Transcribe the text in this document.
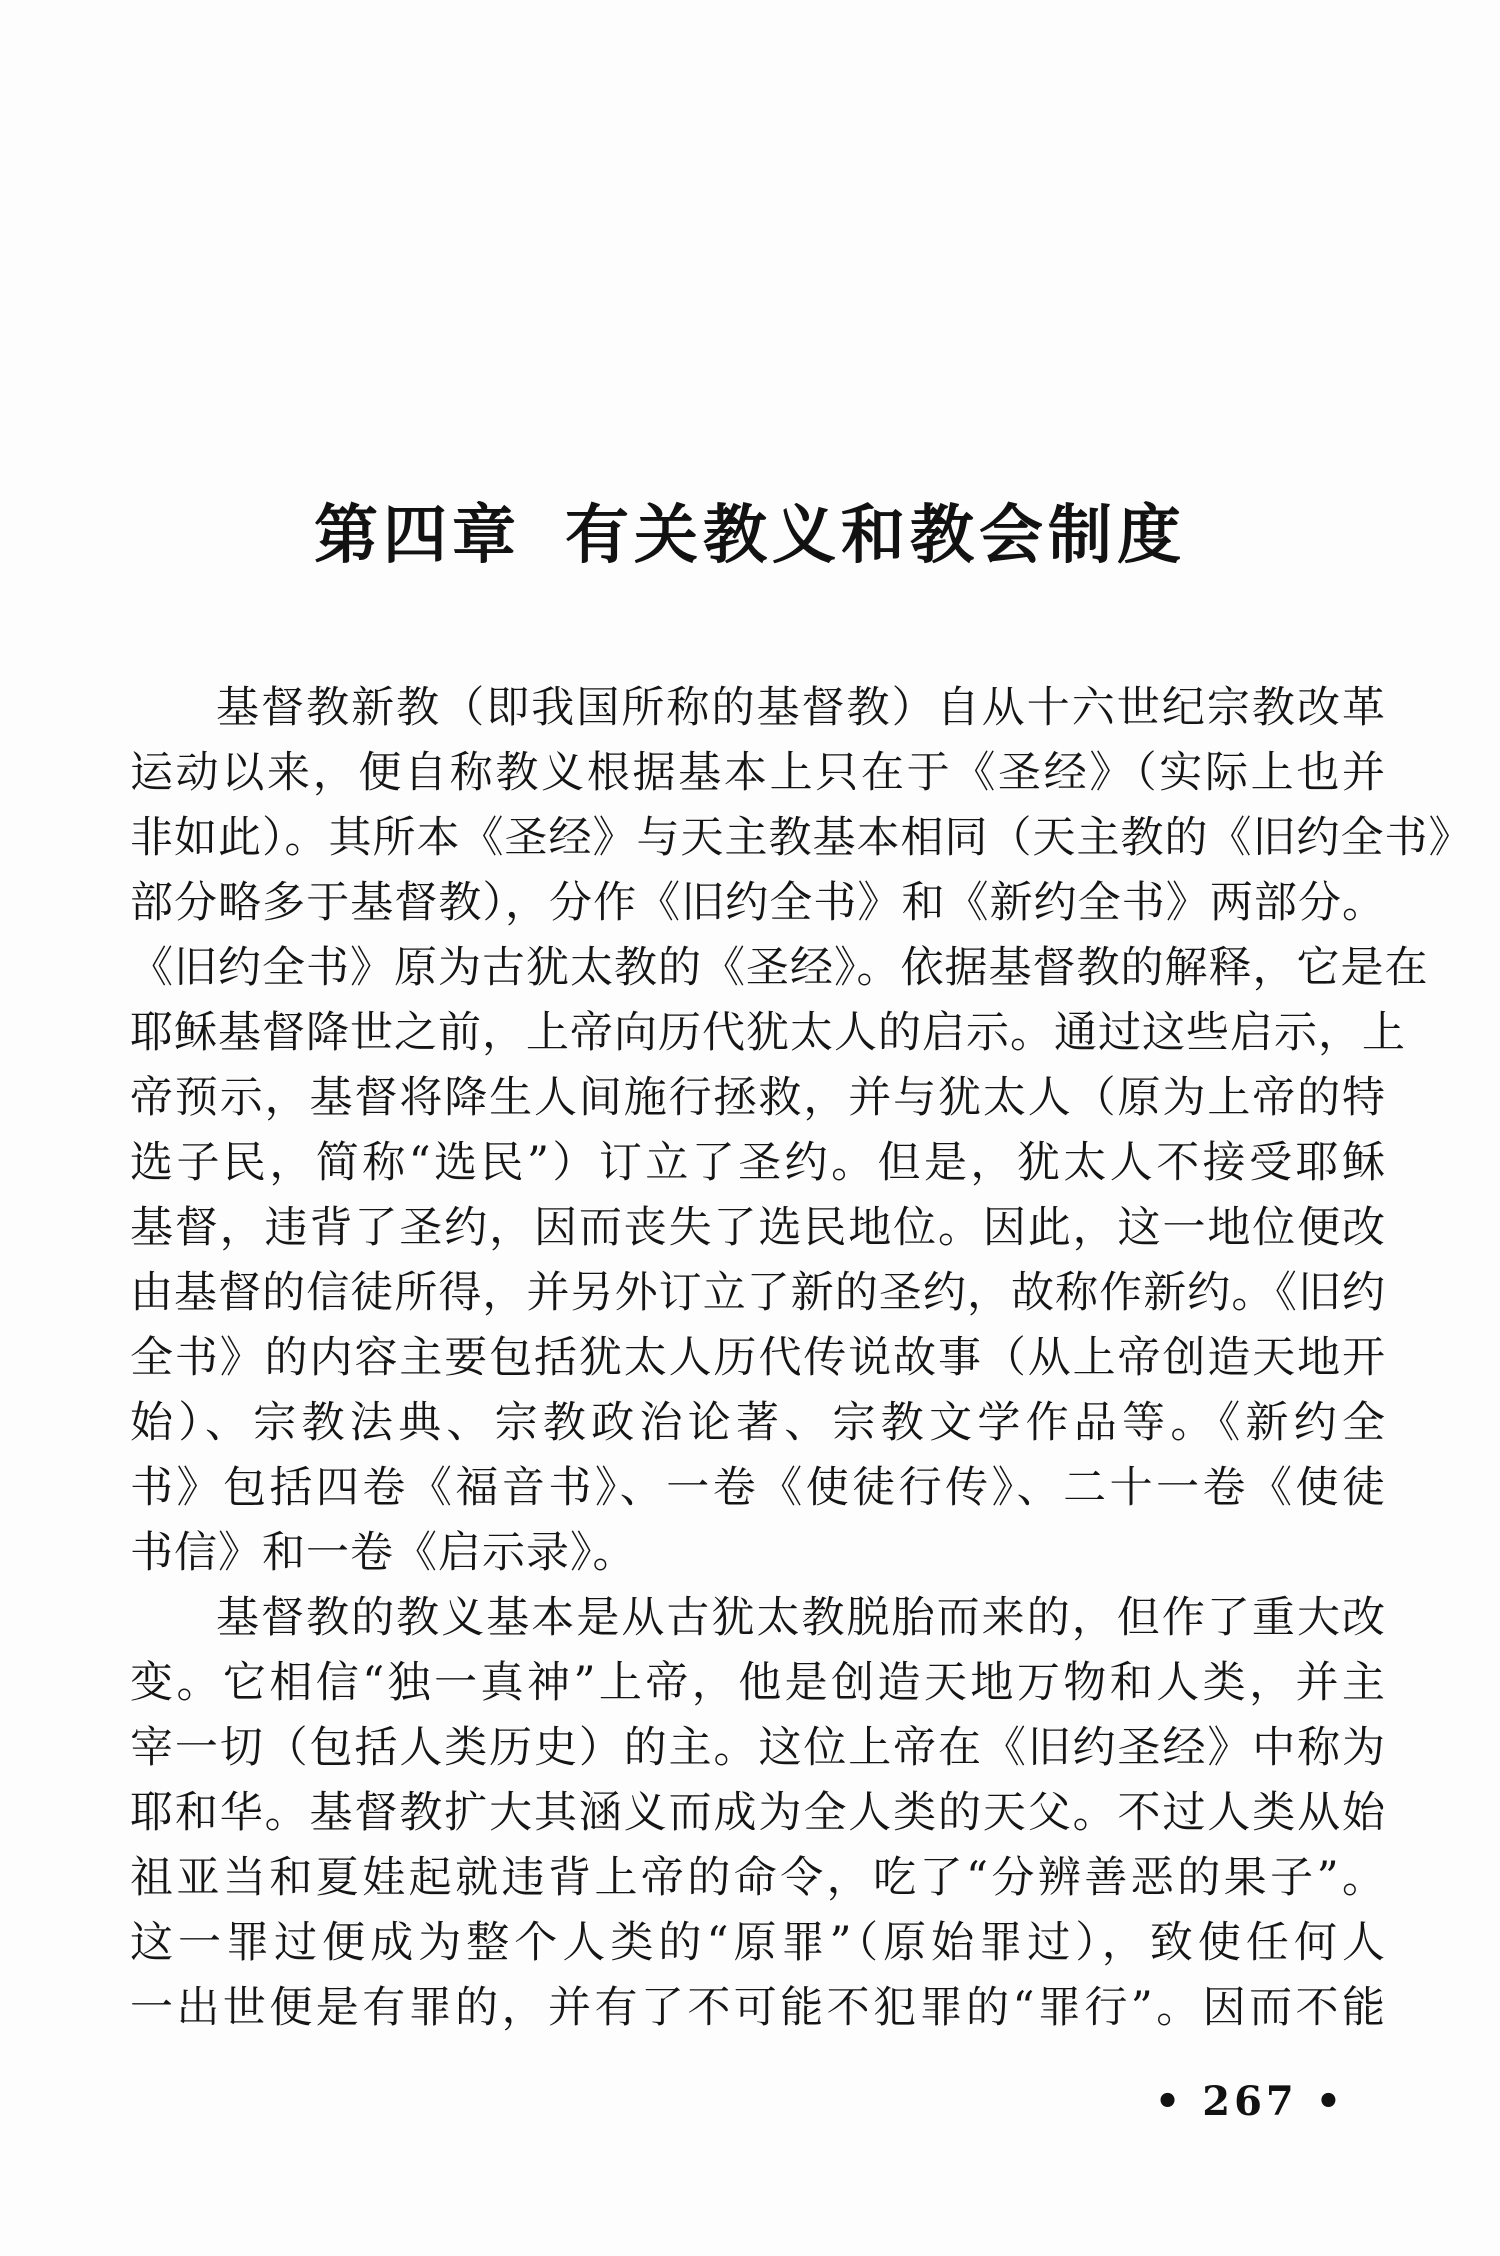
第四章 有关教义和教会制度
基督教新教（即我国所称的基督教）自从十六世纪宗教改革
运动以来，便自称教义根据基本上只在于《圣经》（实际上也并
非如此）。其所本《圣经》与天主教基本相同（天主教的《旧约全书》
部分略多于基督教），分作《旧约全书》和《新约全书》两部分。
《旧约全书》原为古犹太教的《圣经》。依据基督教的解释，它是在
耶稣基督降世之前，上帝向历代犹太人的启示。通过这些启示，上
帝预示，基督将降生人间施行拯救，并与犹太人（原为上帝的特
选子民，简称“选民”）订立了圣约。但是，犹太人不接受耶稣
基督，违背了圣约，因而丧失了选民地位。因此，这一地位便改
由基督的信徒所得，并另外订立了新的圣约，故称作新约。《旧约
全书》的内容主要包括犹太人历代传说故事（从上帝创造天地开
始）、宗教法典、宗教政治论著、宗教文学作品等。《新约全
书》包括四卷《福音书》、一卷《使徒行传》、二十一卷《使徒
书信》和一卷《启示录》。
基督教的教义基本是从古犹太教脱胎而来的，但作了重大改
变。它相信“独一真神”上帝，他是创造天地万物和人类，并主
宰一切（包括人类历史）的主。这位上帝在《旧约圣经》中称为
耶和华。基督教扩大其涵义而成为全人类的天父。不过人类从始
祖亚当和夏娃起就违背上帝的命令，吃了“分辨善恶的果子”。
这一罪过便成为整个人类的“原罪”（原始罪过），致使任何人
一出世便是有罪的，并有了不可能不犯罪的“罪行”。因而不能
• 267 •
